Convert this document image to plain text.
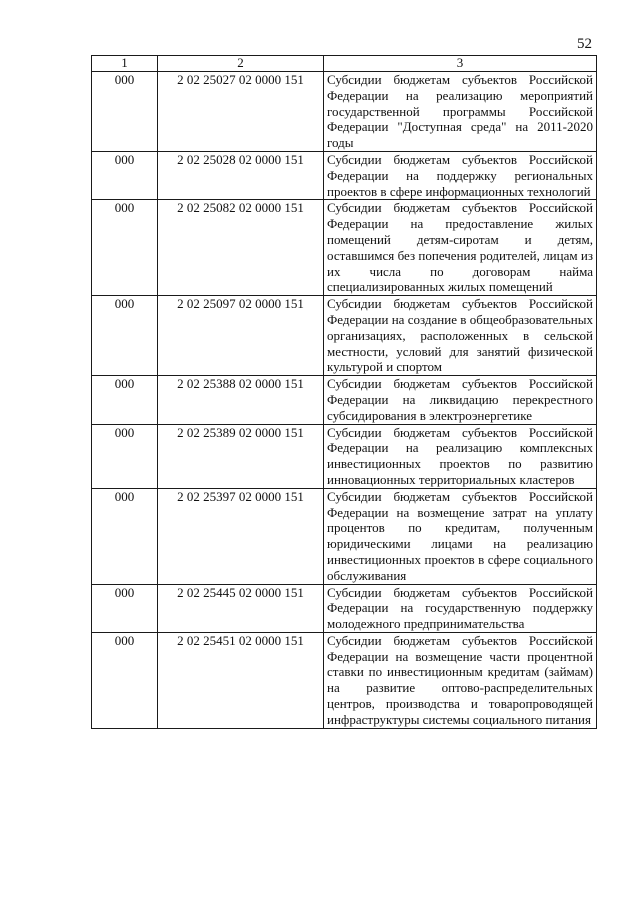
52
1	2	3
000	2 02 25027 02 0000 151	Субсидии бюджетам субъектов Российской Федерации на реализацию мероприятий государственной программы Российской Федерации "Доступная среда" на 2011-2020 годы
000	2 02 25028 02 0000 151	Субсидии бюджетам субъектов Российской Федерации на поддержку региональных проектов в сфере информационных технологий
000	2 02 25082 02 0000 151	Субсидии бюджетам субъектов Российской Федерации на предоставление жилых помещений детям-сиротам и детям, оставшимся без попечения родителей, лицам из их числа по договорам найма специализированных жилых помещений
000	2 02 25097 02 0000 151	Субсидии бюджетам субъектов Российской Федерации на создание в общеобразовательных организациях, расположенных в сельской местности, условий для занятий физической культурой и спортом
000	2 02 25388 02 0000 151	Субсидии бюджетам субъектов Российской Федерации на ликвидацию перекрестного субсидирования в электроэнергетике
000	2 02 25389 02 0000 151	Субсидии бюджетам субъектов Российской Федерации на реализацию комплексных инвестиционных проектов по развитию инновационных территориальных кластеров
000	2 02 25397 02 0000 151	Субсидии бюджетам субъектов Российской Федерации на возмещение затрат на уплату процентов по кредитам, полученным юридическими лицами на реализацию инвестиционных проектов в сфере социального обслуживания
000	2 02 25445 02 0000 151	Субсидии бюджетам субъектов Российской Федерации на государственную поддержку молодежного предпринимательства
000	2 02 25451 02 0000 151	Субсидии бюджетам субъектов Российской Федерации на возмещение части процентной ставки по инвестиционным кредитам (займам) на развитие оптово-распределительных центров, производства и товаропроводящей инфраструктуры системы социального питания
